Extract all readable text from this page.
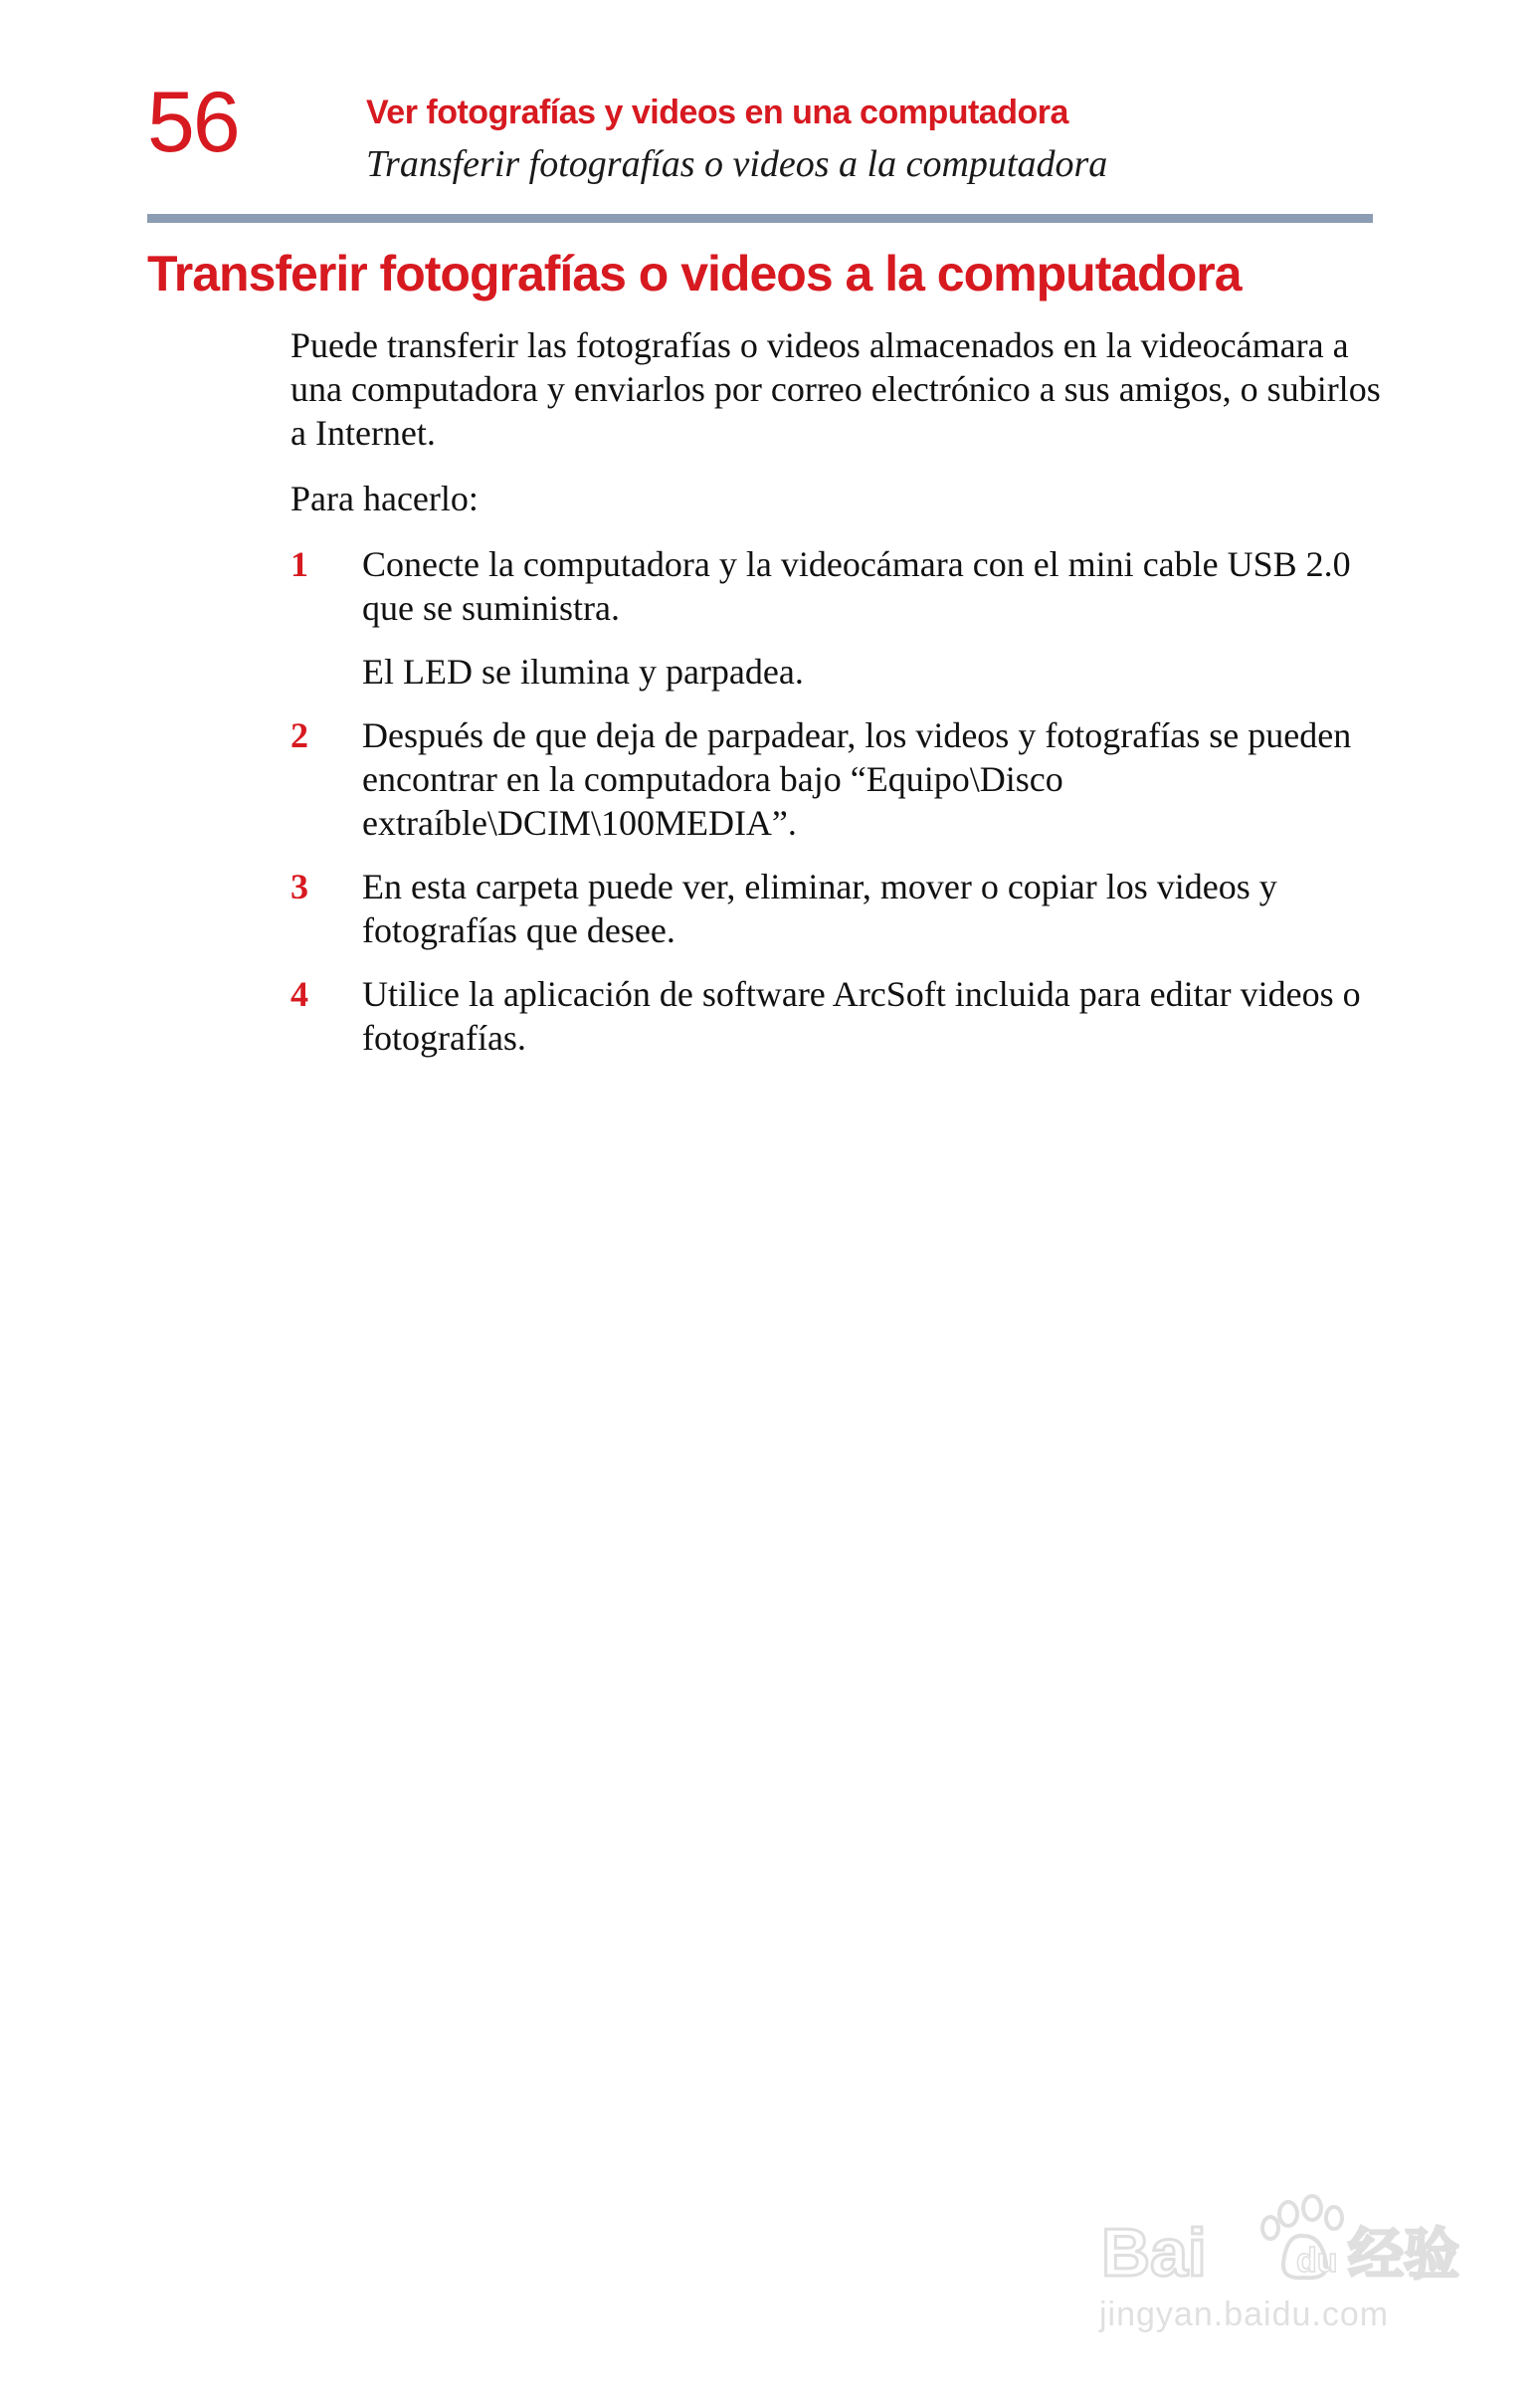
56	Ver fotografías y videos en una computadora
Transferir fotografías o videos a la computadora
Transferir fotografías o videos a la computadora

Puede transferir las fotografías o videos almacenados en la videocámara a una computadora y enviarlos por correo electrónico a sus amigos, o subirlos a Internet.

Para hacerlo:

1 Conecte la computadora y la videocámara con el mini cable USB 2.0 que se suministra.
El LED se ilumina y parpadea.
2 Después de que deja de parpadear, los videos y fotografías se pueden encontrar en la computadora bajo “Equipo\Disco extraíble\DCIM\100MEDIA”.
3 En esta carpeta puede ver, eliminar, mover o copiar los videos y fotografías que desee.
4 Utilice la aplicación de software ArcSoft incluida para editar videos o fotografías.
Bai	du 经验
jingyan.baidu.com
